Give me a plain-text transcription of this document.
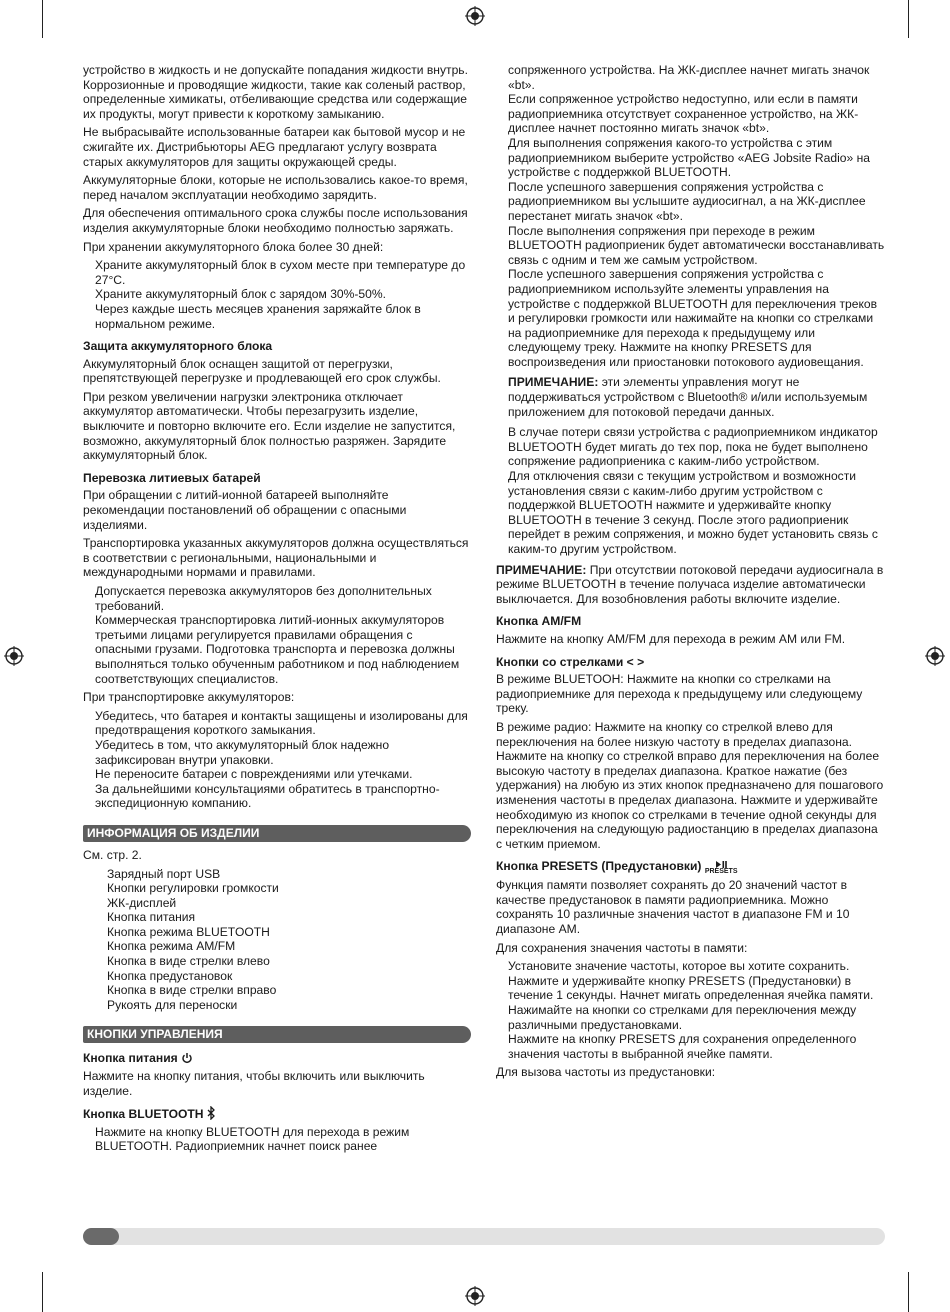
устройство в жидкость и не допускайте попадания жидкости внутрь. Коррозионные и проводящие жидкости, такие как соленый раствор, определенные химикаты, отбеливающие средства или содержащие их продукты, могут привести к короткому замыканию.

Не выбрасывайте использованные батареи как бытовой мусор и не сжигайте их. Дистрибьюторы AEG предлагают услугу возврата старых аккумуляторов для защиты окружающей среды.

Аккумуляторные блоки, которые не использовались какое-то время, перед началом эксплуатации необходимо зарядить.

Для обеспечения оптимального срока службы после использования изделия аккумуляторные блоки необходимо полностью заряжать.

При хранении аккумуляторного блока более 30 дней:

Храните аккумуляторный блок в сухом месте при температуре до 27°C.
Храните аккумуляторный блок с зарядом 30%-50%.
Через каждые шесть месяцев хранения заряжайте блок в нормальном режиме.
Защита аккумуляторного блока

Аккумуляторный блок оснащен защитой от перегрузки, препятствующей перегрузке и продлевающей его срок службы.

При резком увеличении нагрузки электроника отключает аккумулятор автоматически. Чтобы перезагрузить изделие, выключите и повторно включите его. Если изделие не запустится, возможно, аккумуляторный блок полностью разряжен. Зарядите аккумуляторный блок.

Перевозка литиевых батарей

При обращении с литий-ионной батареей выполняйте рекомендации постановлений об обращении с опасными изделиями.

Транспортировка указанных аккумуляторов должна осуществляться в соответствии с региональными, национальными и международными нормами и правилами.

Допускается перевозка аккумуляторов без дополнительных требований.
Коммерческая транспортировка литий-ионных аккумуляторов третьими лицами регулируется правилами обращения с опасными грузами. Подготовка транспорта и перевозка должны выполняться только обученным работником и под наблюдением соответствующих специалистов.

При транспортировке аккумуляторов:

Убедитесь, что батарея и контакты защищены и изолированы для предотвращения короткого замыкания.
Убедитесь в том, что аккумуляторный блок надежно зафиксирован внутри упаковки.
Не переносите батареи с повреждениями или утечками.
За дальнейшими консультациями обратитесь в транспортно-экспедиционную компанию.
ИНФОРМАЦИЯ ОБ ИЗДЕЛИИ

См. стр. 2.

Зарядный порт USB
Кнопки регулировки громкости
ЖК-дисплей
Кнопка питания
Кнопка режима BLUETOOTH
Кнопка режима AM/FM
Кнопка в виде стрелки влево
Кнопка предустановок
Кнопка в виде стрелки вправо
Рукоять для переноски
КНОПКИ УПРАВЛЕНИЯ
Кнопка питания

Нажмите на кнопку питания, чтобы включить или выключить изделие.

Кнопка BLUETOOTH

Нажмите на кнопку BLUETOOTH для перехода в режим BLUETOOTH. Радиоприемник начнет поиск ранее

сопряженного устройства. На ЖК-дисплее начнет мигать значок «bt».
Если сопряженное устройство недоступно, или если в памяти радиоприемника отсутствует сохраненное устройство, на ЖК-дисплее начнет постоянно мигать значок «bt».
Для выполнения сопряжения какого-то устройства с этим радиоприемником выберите устройство «AEG Jobsite Radio» на устройстве с поддержкой BLUETOOTH.
После успешного завершения сопряжения устройства с радиоприемником вы услышите аудиосигнал, а на ЖК-дисплее перестанет мигать значок «bt».
После выполнения сопряжения при переходе в режим BLUETOOTH радиоприеник будет автоматически восстанавливать связь с одним и тем же самым устройством.
После успешного завершения сопряжения устройства с радиоприемником используйте элементы управления на устройстве с поддержкой BLUETOOTH для переключения треков и регулировки громкости или нажимайте на кнопки со стрелками на радиоприемнике для перехода к предыдущему или следующему треку. Нажмите на кнопку PRESETS для воспроизведения или приостановки потокового аудиовещания.

ПРИМЕЧАНИЕ: эти элементы управления могут не поддерживаться устройством с Bluetooth® и/или используемым приложением для потоковой передачи данных.

В случае потери связи устройства с радиоприемником индикатор BLUETOOTH будет мигать до тех пор, пока не будет выполнено сопряжение радиоприеника с каким-либо устройством.
Для отключения связи с текущим устройством и возможности установления связи с каким-либо другим устройством с поддержкой BLUETOOTH нажмите и удерживайте кнопку BLUETOOTH в течение 3 секунд. После этого радиоприеник перейдет в режим сопряжения, и можно будет установить связь с каким-то другим устройством.

ПРИМЕЧАНИЕ: При отсутствии потоковой передачи аудиосигнала в режиме BLUETOOTH в течение получаса изделие автоматически выключается. Для возобновления работы включите изделие.

Кнопка AM/FM

Нажмите на кнопку AM/FM для перехода в режим AM или FM.

Кнопки со стрелками < >

В режиме BLUETOOH: Нажмите на кнопки со стрелками на радиоприемнике для перехода к предыдущему или следующему треку.

В режиме радио: Нажмите на кнопку со стрелкой влево для переключения на более низкую частоту в пределах диапазона. Нажмите на кнопку со стрелкой вправо для переключения на более высокую частоту в пределах диапазона. Краткое нажатие (без удержания) на любую из этих кнопок предназначено для пошагового изменения частоты в пределах диапазона. Нажмите и удерживайте необходимую из кнопок со стрелками в течение одной секунды для переключения на следующую радиостанцию в пределах диапазона с четким приемом.

Кнопка PRESETS (Предустановки) PRESETS

Функция памяти позволяет сохранять до 20 значений частот в качестве предустановок в памяти радиоприемника. Можно сохранять 10 различные значения частот в диапазоне FM и 10 диапазоне AM.

Для сохранения значения частоты в памяти:

Установите значение частоты, которое вы хотите сохранить.
Нажмите и удерживайте кнопку PRESETS (Предустановки) в течение 1 секунды. Начнет мигать определенная ячейка памяти.
Нажимайте на кнопки со стрелками для переключения между различными предустановками.
Нажмите на кнопку PRESETS для сохранения определенного значения частоты в выбранной ячейке памяти.

Для вызова частоты из предустановки:
